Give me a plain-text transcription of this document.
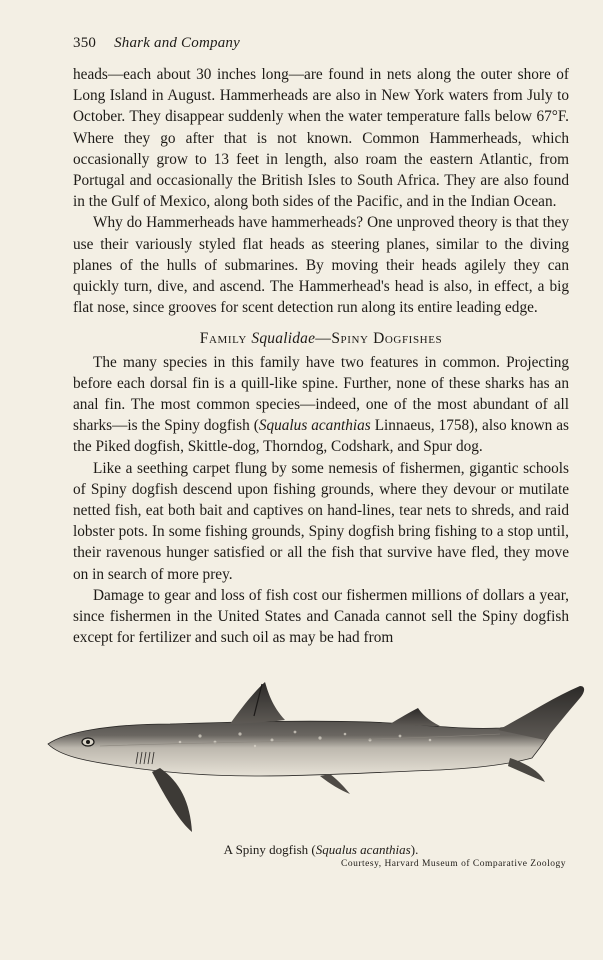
350 Shark and Company

heads—each about 30 inches long—are found in nets along the outer shore of Long Island in August. Hammerheads are also in New York waters from July to October. They disappear suddenly when the water temperature falls below 67°F. Where they go after that is not known. Common Hammerheads, which occasionally grow to 13 feet in length, also roam the eastern Atlantic, from Portugal and occasionally the British Isles to South Africa. They are also found in the Gulf of Mexico, along both sides of the Pacific, and in the Indian Ocean.

Why do Hammerheads have hammerheads? One unproved theory is that they use their variously styled flat heads as steering planes, similar to the diving planes of the hulls of submarines. By moving their heads agilely they can quickly turn, dive, and ascend. The Hammerhead's head is also, in effect, a big flat nose, since grooves for scent detection run along its entire leading edge.

Family Squalidae—Spiny Dogfishes

The many species in this family have two features in common. Projecting before each dorsal fin is a quill-like spine. Further, none of these sharks has an anal fin. The most common species—indeed, one of the most abundant of all sharks—is the Spiny dogfish (Squalus acanthias Linnaeus, 1758), also known as the Piked dogfish, Skittle-dog, Thorndog, Codshark, and Spur dog.

Like a seething carpet flung by some nemesis of fishermen, gigantic schools of Spiny dogfish descend upon fishing grounds, where they devour or mutilate netted fish, eat both bait and captives on hand-lines, tear nets to shreds, and raid lobster pots. In some fishing grounds, Spiny dogfish bring fishing to a stop until, their ravenous hunger satisfied or all the fish that survive have fled, they move on in search of more prey.

Damage to gear and loss of fish cost our fishermen millions of dollars a year, since fishermen in the United States and Canada cannot sell the Spiny dogfish except for fertilizer and such oil as may be had from

A Spiny dogfish (Squalus acanthias).
Courtesy, Harvard Museum of Comparative Zoology
